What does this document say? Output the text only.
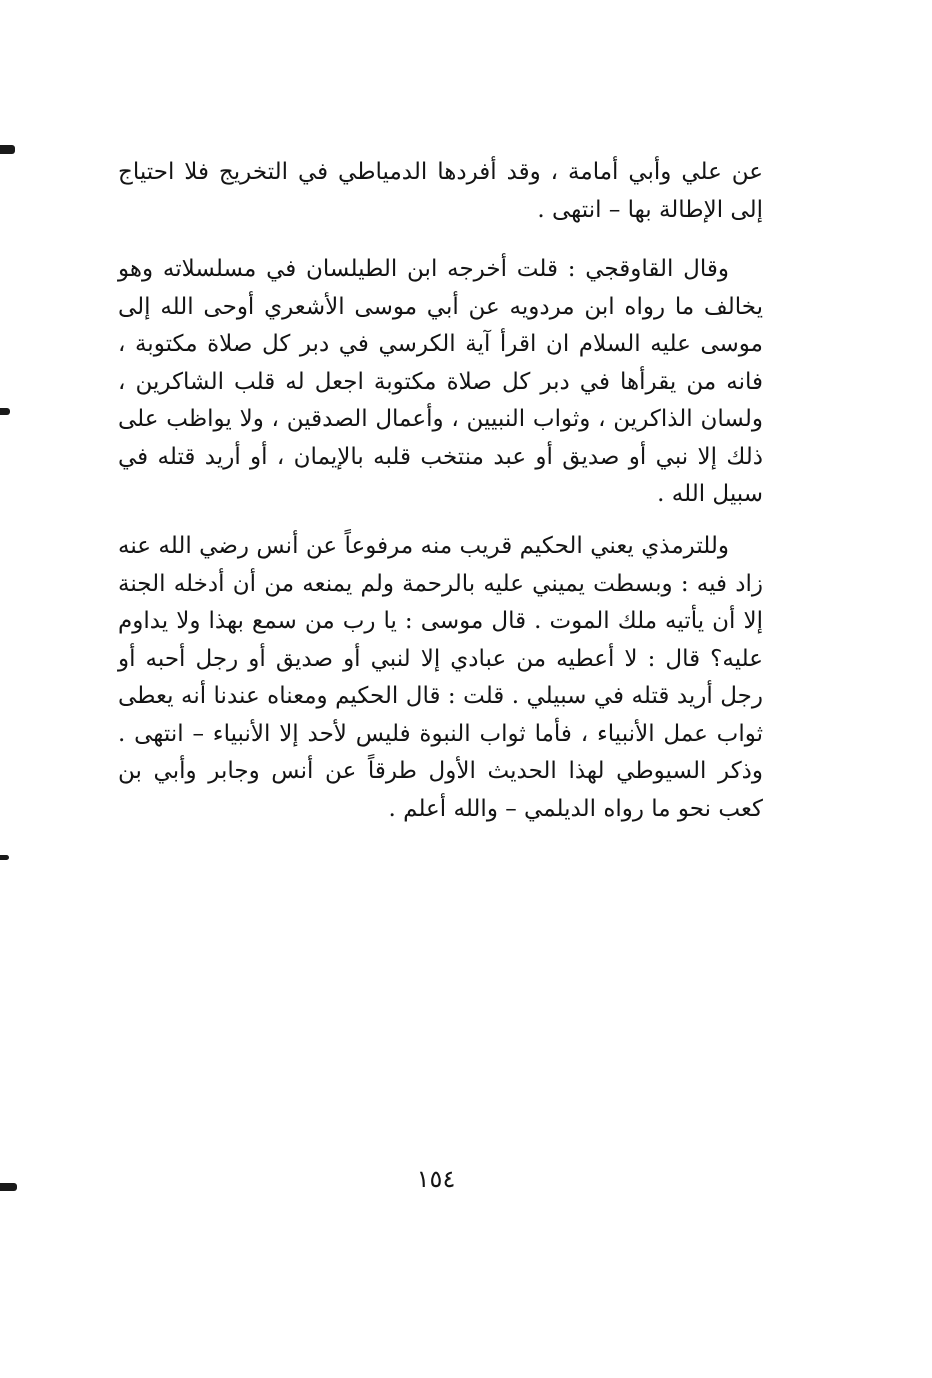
عن علي وأبي أمامة ، وقد أفردها الدمياطي في التخريج فلا احتياج إلى الإطالة بها – انتهى .

وقال القاوقجي : قلت أخرجه ابن الطيلسان في مسلسلاته وهو يخالف ما رواه ابن مردويه عن أبي موسى الأشعري أوحى الله إلى موسى عليه السلام ان اقرأ آية الكرسي في دبر كل صلاة مكتوبة ، فانه من يقرأها في دبر كل صلاة مكتوبة اجعل له قلب الشاكرين ، ولسان الذاكرين ، وثواب النبيين ، وأعمال الصدقين ، ولا يواظب على ذلك إلا نبي أو صديق أو عبد منتخب قلبه بالإيمان ، أو أريد قتله في سبيل الله .

وللترمذي يعني الحكيم قريب منه مرفوعاً عن أنس رضي الله عنه زاد فيه : وبسطت يميني عليه بالرحمة ولم يمنعه من أن أدخله الجنة إلا أن يأتيه ملك الموت . قال موسى : يا رب من سمع بهذا ولا يداوم عليه؟ قال : لا أعطيه من عبادي إلا لنبي أو صديق أو رجل أحبه أو رجل أريد قتله في سبيلي . قلت : قال الحكيم ومعناه عندنا أنه يعطى ثواب عمل الأنبياء ، فأما ثواب النبوة فليس لأحد إلا الأنبياء – انتهى . وذكر السيوطي لهذا الحديث الأول طرقاً عن أنس وجابر وأبي بن كعب نحو ما رواه الديلمي – والله أعلم .

١٥٤
